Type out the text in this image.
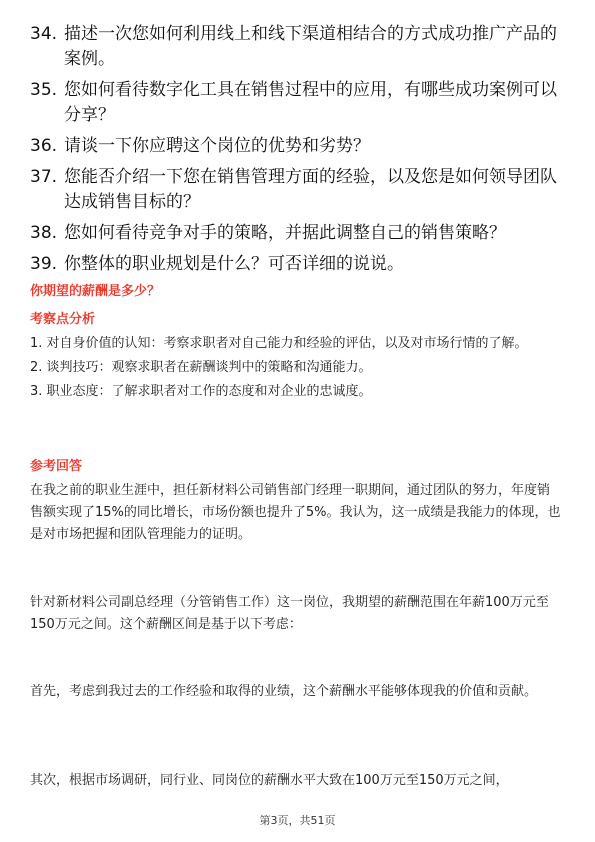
34. 描述一次您如何利用线上和线下渠道相结合的方式成功推广产品的案例。
35. 您如何看待数字化工具在销售过程中的应用，有哪些成功案例可以分享？
36. 请谈一下你应聘这个岗位的优势和劣势？
37. 您能否介绍一下您在销售管理方面的经验，以及您是如何领导团队达成销售目标的？
38. 您如何看待竞争对手的策略，并据此调整自己的销售策略？
39. 你整体的职业规划是什么？可否详细的说说。
你期望的薪酬是多少？
考察点分析

1. 对自身价值的认知：考察求职者对自己能力和经验的评估，以及对市场行情的了解。

2. 谈判技巧：观察求职者在薪酬谈判中的策略和沟通能力。

3. 职业态度：了解求职者对工作的态度和对企业的忠诚度。

参考回答

在我之前的职业生涯中，担任新材料公司销售部门经理一职期间，通过团队的努力，年度销售额实现了15%的同比增长，市场份额也提升了5%。我认为，这一成绩是我能力的体现，也是对市场把握和团队管理能力的证明。

针对新材料公司副总经理（分管销售工作）这一岗位，我期望的薪酬范围在年薪100万元至150万元之间。这个薪酬区间是基于以下考虑：

首先，考虑到我过去的工作经验和取得的业绩，这个薪酬水平能够体现我的价值和贡献。

其次，根据市场调研，同行业、同岗位的薪酬水平大致在100万元至150万元之间，

第3页，共51页
